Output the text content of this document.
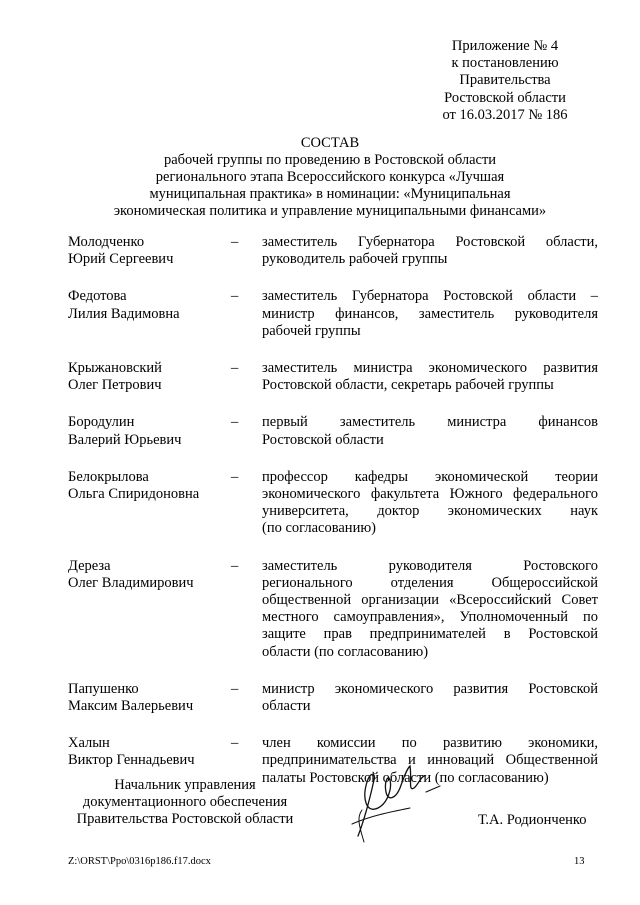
Приложение № 4
к постановлению
Правительства
Ростовской области
от 16.03.2017 № 186
СОСТАВ
рабочей группы по проведению в Ростовской области
регионального этапа Всероссийского конкурса «Лучшая
муниципальная практика» в номинации: «Муниципальная
экономическая политика и управление муниципальными финансами»
Молодченко
Юрий Сергеевич
–	заместитель Губернатора Ростовской области,
руководитель рабочей группы
Федотова
Лилия Вадимовна
–	заместитель Губернатора Ростовской области –
министр финансов, заместитель руководителя
рабочей группы
Крыжановский
Олег Петрович
–	заместитель министра экономического развития
Ростовской области, секретарь рабочей группы
Бородулин
Валерий Юрьевич
–	первый заместитель министра финансов
Ростовской области
Белокрылова
Ольга Спиридоновна
–	профессор кафедры экономической теории
экономического факультета Южного федерального
университета, доктор экономических наук
(по согласованию)
Дереза
Олег Владимирович
–	заместитель руководителя Ростовского
регионального отделения Общероссийской
общественной организации «Всероссийский Совет
местного самоуправления», Уполномоченный по
защите прав предпринимателей в Ростовской
области (по согласованию)
Папушенко
Максим Валерьевич
–	министр экономического развития Ростовской
области
Халын
Виктор Геннадьевич
–	член комиссии по развитию экономики,
предпринимательства и инноваций Общественной
палаты Ростовской области (по согласованию)
Начальник управления
документационного обеспечения
Правительства Ростовской области	Т.А. Родионченко
Z:\ORST\Ppo\0316p186.f17.docx	13
